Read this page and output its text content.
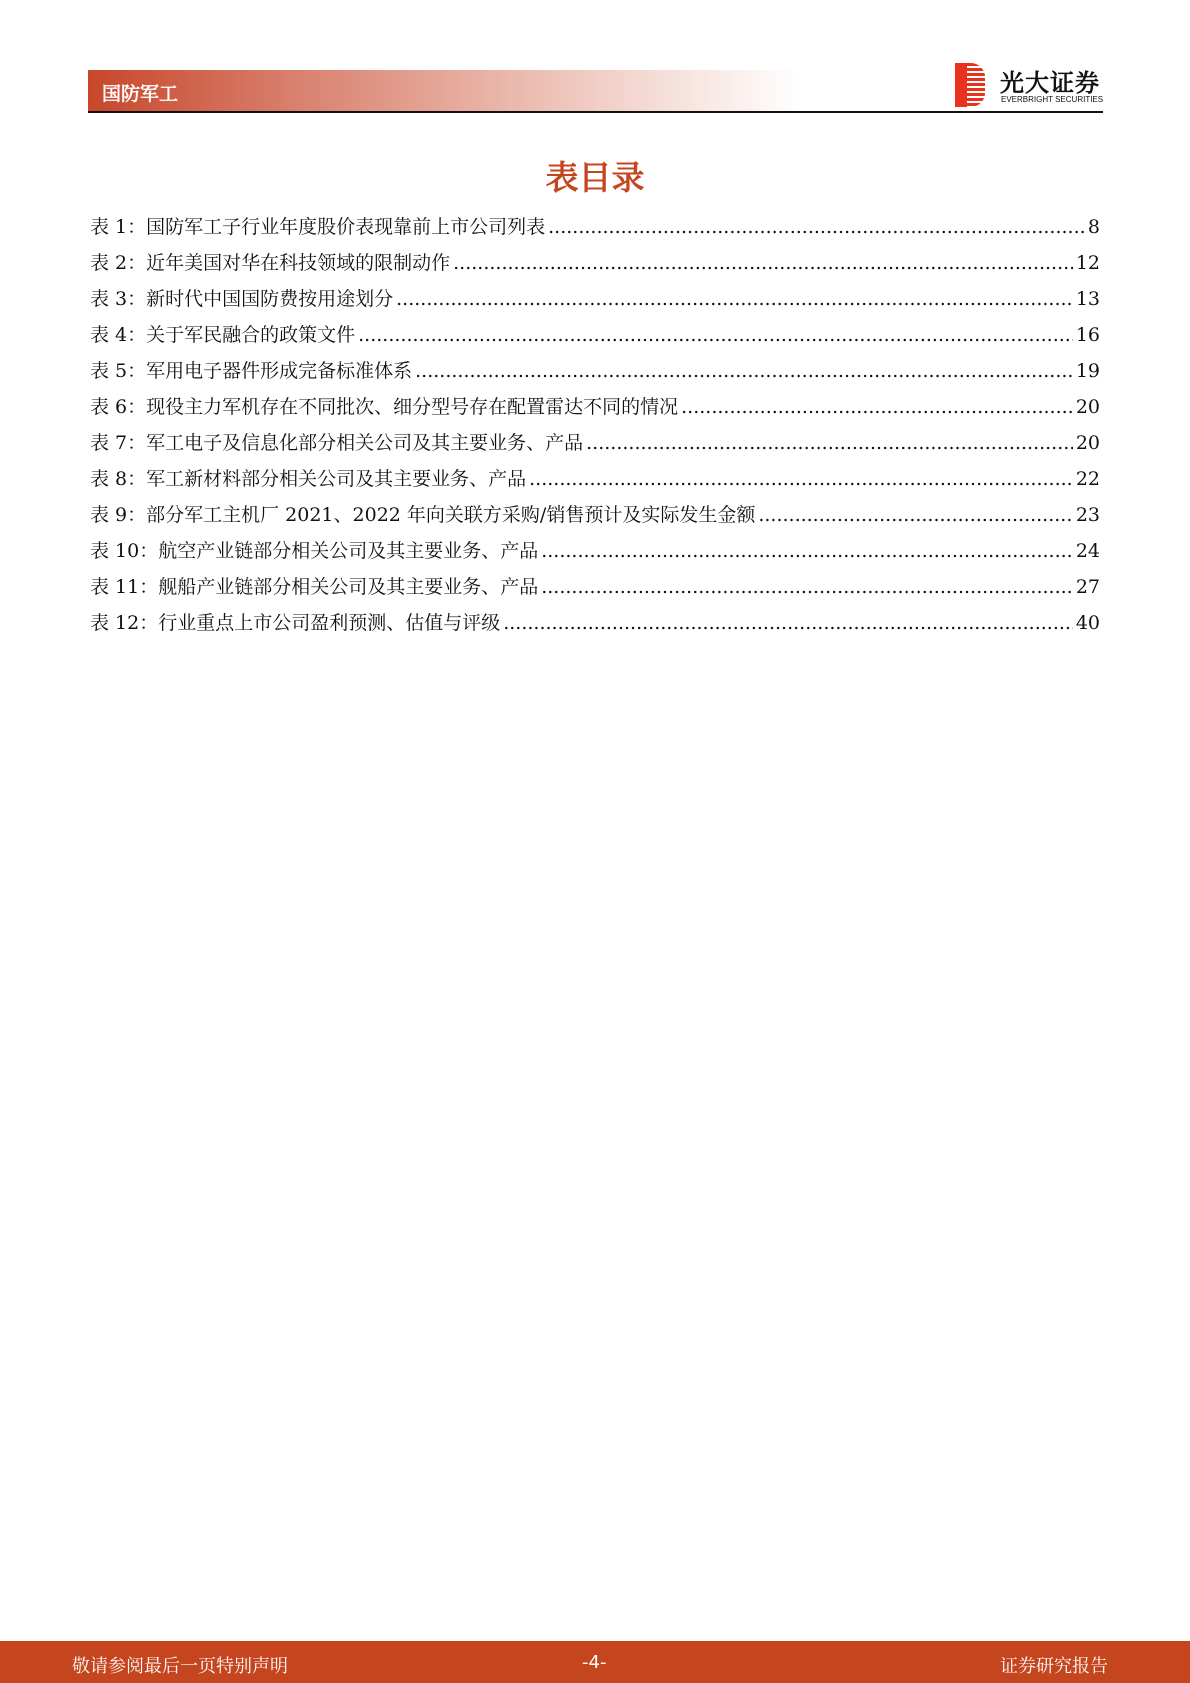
国防军工	光大证券
EVERBRIGHT SECURITIES
表目录
表 1：国防军工子行业年度股价表现靠前上市公司列表 .....	8
表 2：近年美国对华在科技领域的限制动作 .....	12
表 3：新时代中国国防费按用途划分 .....	13
表 4：关于军民融合的政策文件 .....	16
表 5：军用电子器件形成完备标准体系 .....	19
表 6：现役主力军机存在不同批次、细分型号存在配置雷达不同的情况 .....	20
表 7：军工电子及信息化部分相关公司及其主要业务、产品 .....	20
表 8：军工新材料部分相关公司及其主要业务、产品 .....	22
表 9：部分军工主机厂 2021、2022 年向关联方采购/销售预计及实际发生金额 .....	23
表 10：航空产业链部分相关公司及其主要业务、产品 .....	24
表 11：舰船产业链部分相关公司及其主要业务、产品 .....	27
表 12：行业重点上市公司盈利预测、估值与评级 .....	40
敬请参阅最后一页特别声明	-4-	证券研究报告
